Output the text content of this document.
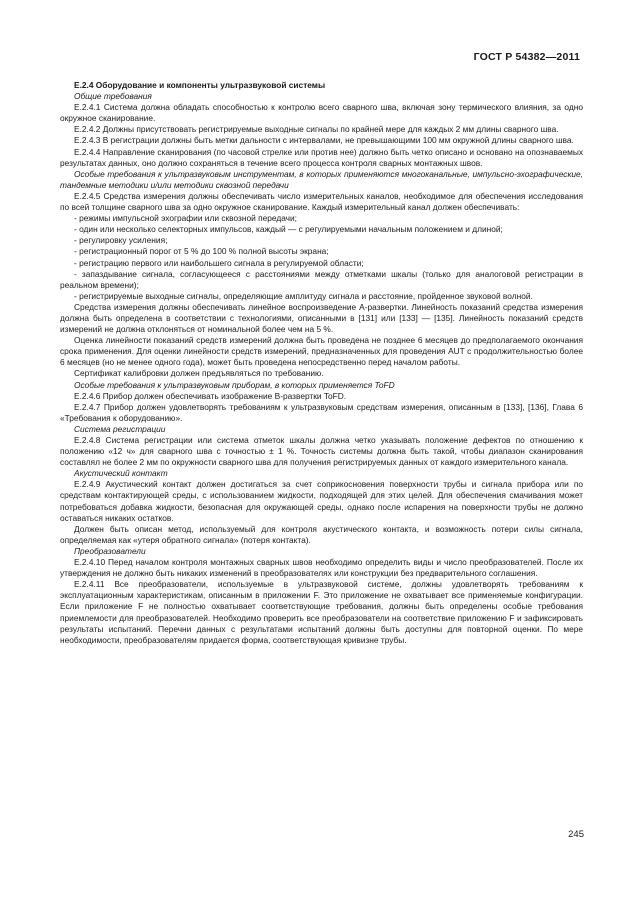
ГОСТ Р 54382—2011

Е.2.4 Оборудование и компоненты ультразвуковой системы

Общие требования

Е.2.4.1 Система должна обладать способностью к контролю всего сварного шва, включая зону термического влияния, за одно окружное сканирование.

Е.2.4.2 Должны присутствовать регистрируемые выходные сигналы по крайней мере для каждых 2 мм длины сварного шва.

Е.2.4.3 В регистрации должны быть метки дальности с интервалами, не превышающими 100 мм окружной длины сварного шва.

Е.2.4.4 Направление сканирования (по часовой стрелке или против нее) должно быть четко описано и основано на опознаваемых результатах данных, оно должно сохраняться в течение всего процесса контроля сварных монтажных швов.

Особые требования к ультразвуковым инструментам, в которых применяются многоканальные, импульсно-эхографические, тандемные методики и/или методики сквозной передачи

Е.2.4.5 Средства измерения должны обеспечивать число измерительных каналов, необходимое для обеспечения исследования по всей толщине сварного шва за одно окружное сканирование. Каждый измерительный канал должен обеспечивать:

- режимы импульсной эхографии или сквозной передачи;

- один или несколько селекторных импульсов, каждый — с регулируемыми начальным положением и длиной;

- регулировку усиления;

- регистрационный порог от 5 % до 100 % полной высоты экрана;

- регистрацию первого или наибольшего сигнала в регулируемой области;

- запаздывание сигнала, согласующееся с расстояниями между отметками шкалы (только для аналоговой регистрации в реальном времени);

- регистрируемые выходные сигналы, определяющие амплитуду сигнала и расстояние, пройденное звуковой волной.

Средства измерения должны обеспечивать линейное воспроизведение А-развертки. Линейность показаний средства измерения должна быть определена в соответствии с технологиями, описанными в [131] или [133] — [135]. Линейность показаний средств измерений не должна отклоняться от номинальной более чем на 5 %.

Оценка линейности показаний средств измерений должна быть проведена не позднее 6 месяцев до предполагаемого окончания срока применения. Для оценки линейности средств измерений, предназначенных для проведения AUT с продолжительностью более 6 месяцев (но не менее одного года), может быть проведена непосредственно перед началом работы.

Сертификат калибровки должен предъявляться по требованию.

Особые требования к ультразвуковым приборам, в которых применяется ToFD

Е.2.4.6 Прибор должен обеспечивать изображение В-развертки ToFD.

Е.2.4.7 Прибор должен удовлетворять требованиям к ультразвуковым средствам измерения, описанным в [133], [136], Глава 6 «Требования к оборудованию».

Система регистрации

Е.2.4.8 Система регистрации или система отметок шкалы должна четко указывать положение дефектов по отношению к положению «12 ч» для сварного шва с точностью ± 1 %. Точность системы должна быть такой, чтобы диапазон сканирования составлял не более 2 мм по окружности сварного шва для получения регистрируемых данных от каждого измерительного канала.

Акустический контакт

Е.2.4.9 Акустический контакт должен достигаться за счет соприкосновения поверхности трубы и сигнала прибора или по средствам контактирующей среды, с использованием жидкости, подходящей для этих целей. Для обеспечения смачивания может потребоваться добавка жидкости, безопасная для окружающей среды, однако после испарения на поверхности трубы не должно оставаться никаких остатков.

Должен быть описан метод, используемый для контроля акустического контакта, и возможность потери силы сигнала, определяемая как «утеря обратного сигнала» (потеря контакта).

Преобразователи

Е.2.4.10 Перед началом контроля монтажных сварных швов необходимо определить виды и число преобразователей. После их утверждения не должно быть никаких изменений в преобразователях или конструкции без предварительного соглашения.

Е.2.4.11 Все преобразователи, используемые в ультразвуковой системе, должны удовлетворять требованиям к эксплуатационным характеристикам, описанным в приложении F. Это приложение не охватывает все применяемые конфигурации. Если приложение F не полностью охватывает соответствующие требования, должны быть определены особые требования приемлемости для преобразователей. Необходимо проверить все преобразователи на соответствие приложению F и зафиксировать результаты испытаний. Перечни данных с результатами испытаний должны быть доступны для повторной оценки. По мере необходимости, преобразователям придается форма, соответствующая кривизне трубы.

245
